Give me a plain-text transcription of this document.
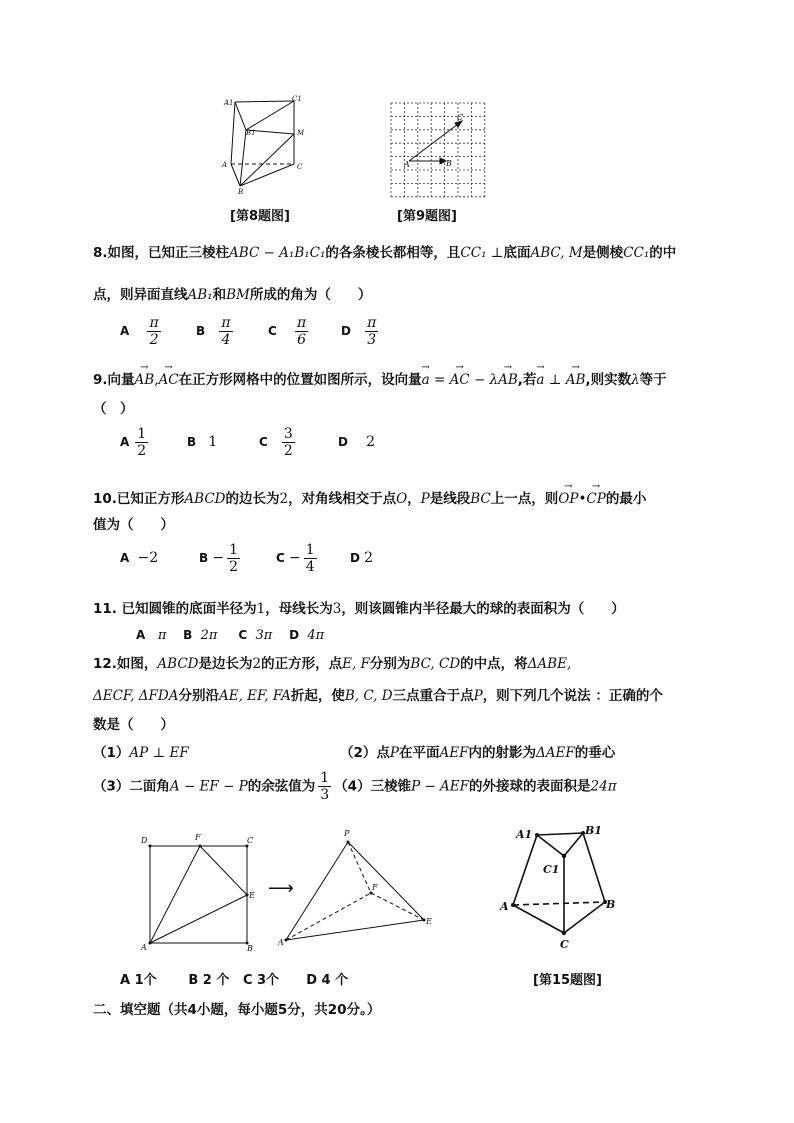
A1	C1
B1	M
A	C
B
C
A	B
[第8题图]	[第9题图]
8.如图，已知正三棱柱ABC − A₁B₁C₁的各条棱长都相等，且CC₁ ⊥底面ABC, M是侧棱CC₁的中
点，则异面直线AB₁和BM所成的角为（　　）
A $\frac{\pi}{2}$	B $\frac{\pi}{4}$	C $\frac{\pi}{6}$	D $\frac{\pi}{3}$
9.向量→ AB,→ AC在正方形网格中的位置如图所示，设向量→ a = → AC − λ→ AB,若→ a ⊥ → AB,则实数λ等于
（　）
A $\frac{1}{2}$	B 1	C $\frac{3}{2}$	D 2
10.已知正方形ABCD的边长为2，对角线相交于点O，P是线段BC上一点，则→ OP•→ CP的最小
值为（　　）
A −2	$B - \frac{1}{2}$	$C - \frac{1}{4}$	D 2
11. 已知圆锥的底面半径为1，母线长为3，则该圆锥内半径最大的球的表面积为（　　）
A π B 2π C 3π D 4π
12.如图，ABCD是边长为2的正方形，点E, F分别为BC, CD的中点，将ΔABE,
ΔECF, ΔFDA分别沿AE, EF, FA折起，使B, C, D三点重合于点P，则下列几个说法 ：正确的个
数是（　　）
（1）AP ⊥ EF	（2）点P在平面AEF内的射影为ΔAEF的垂心
（3）二面角A − EF − P的余弦值为 $\frac{1}{3} (4)$三棱锥P − AEF的外接球的表面积是24π
D	F	C
E
A	B
⟶
P
F
A
E
A1	B1
C1
A	B
C
A 1个 B 2 个 C 3个 D 4 个	[第15题图]
二、填空题（共4小题，每小题5分，共20分。）
